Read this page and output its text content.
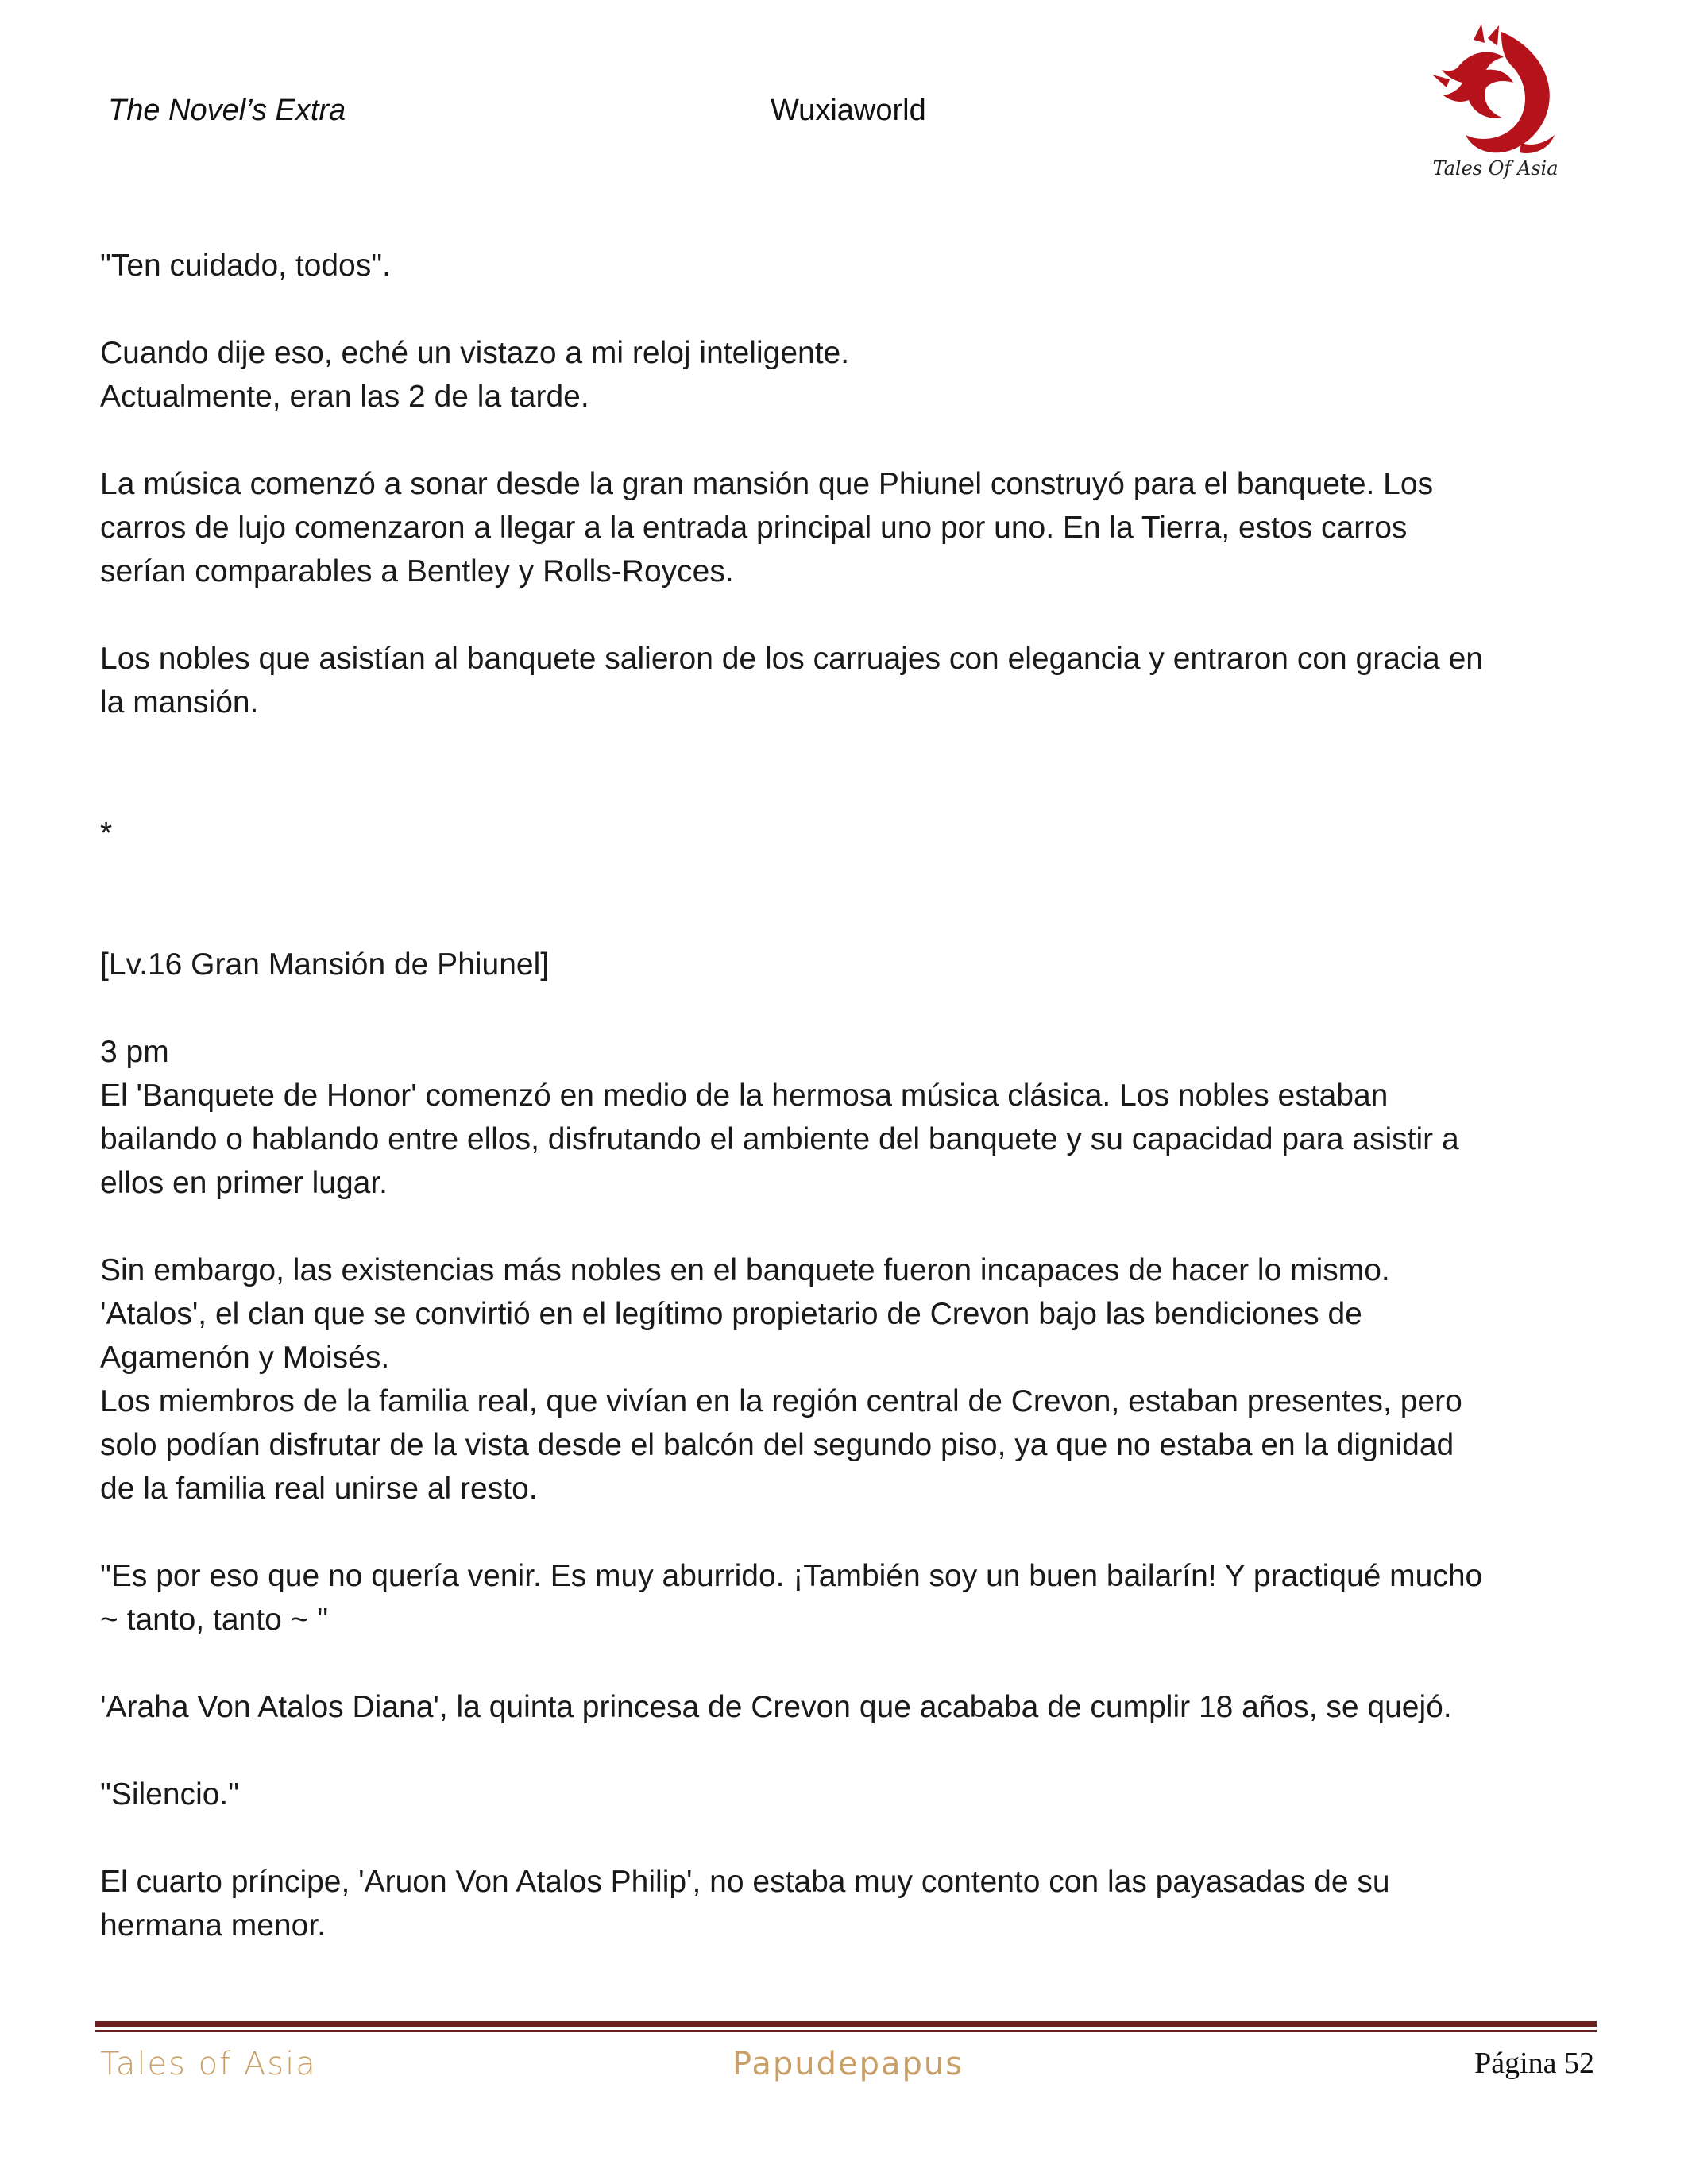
The Novel’s Extra	Wuxiaworld
Tales Of Asia

"Ten cuidado, todos".

Cuando dije eso, eché un vistazo a mi reloj inteligente.

Actualmente, eran las 2 de la tarde.

La música comenzó a sonar desde la gran mansión que Phiunel construyó para el banquete. Los

carros de lujo comenzaron a llegar a la entrada principal uno por uno. En la Tierra, estos carros

serían comparables a Bentley y Rolls-Royces.

Los nobles que asistían al banquete salieron de los carruajes con elegancia y entraron con gracia en

la mansión.

*

[Lv.16 Gran Mansión de Phiunel]

3 pm

El 'Banquete de Honor' comenzó en medio de la hermosa música clásica. Los nobles estaban

bailando o hablando entre ellos, disfrutando el ambiente del banquete y su capacidad para asistir a

ellos en primer lugar.

Sin embargo, las existencias más nobles en el banquete fueron incapaces de hacer lo mismo.

'Atalos', el clan que se convirtió en el legítimo propietario de Crevon bajo las bendiciones de

Agamenón y Moisés.

Los miembros de la familia real, que vivían en la región central de Crevon, estaban presentes, pero

solo podían disfrutar de la vista desde el balcón del segundo piso, ya que no estaba en la dignidad

de la familia real unirse al resto.

"Es por eso que no quería venir. Es muy aburrido. ¡También soy un buen bailarín! Y practiqué mucho

~ tanto, tanto ~ "

'Araha Von Atalos Diana', la quinta princesa de Crevon que acababa de cumplir 18 años, se quejó.

"Silencio."

El cuarto príncipe, 'Aruon Von Atalos Philip', no estaba muy contento con las payasadas de su

hermana menor.

Tales of Asia	Papudepapus	Página 52
